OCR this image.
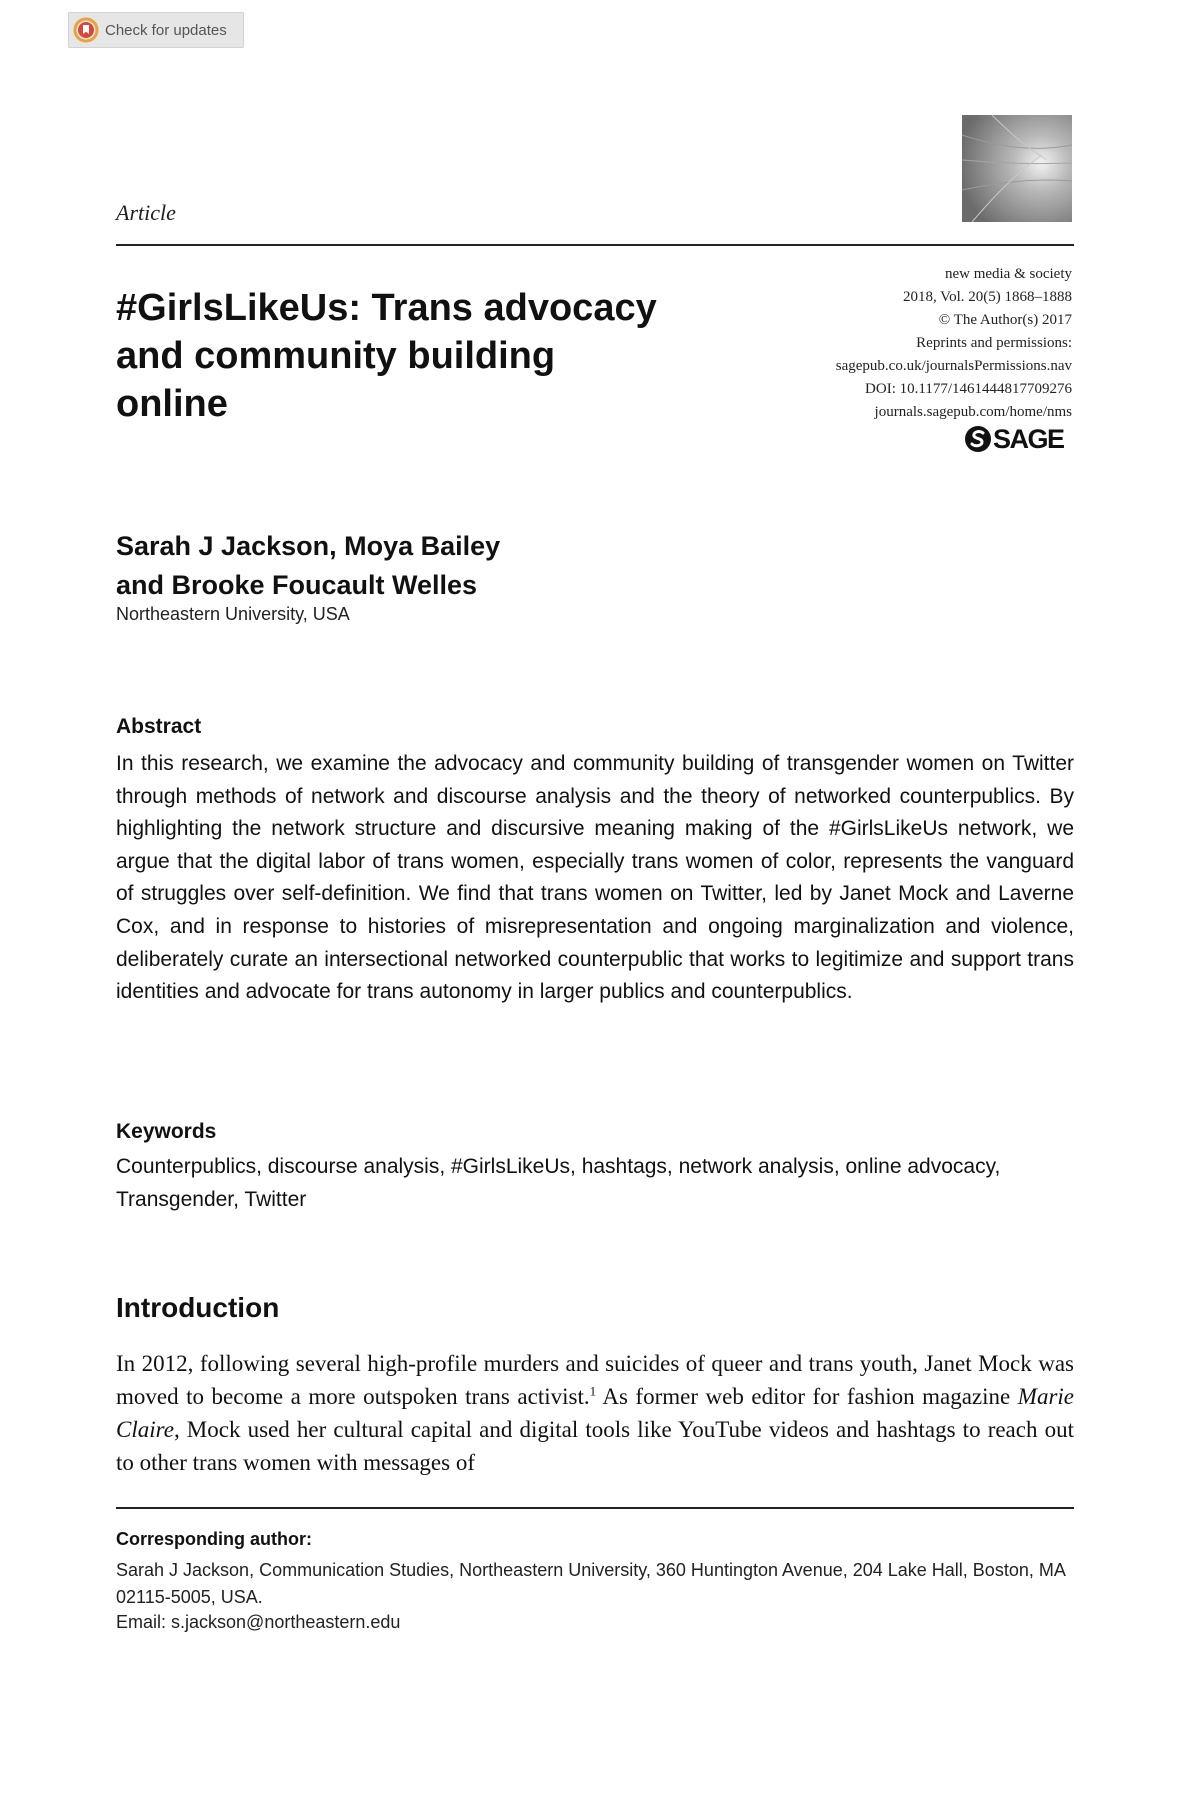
Check for updates
Article
#GirlsLikeUs: Trans advocacy
and community building
online
new media & society
2018, Vol. 20(5) 1868–1888
© The Author(s) 2017
Reprints and permissions:
sagepub.co.uk/journalsPermissions.nav
DOI: 10.1177/1461444817709276
journals.sagepub.com/home/nms
SAGE
Sarah J Jackson, Moya Bailey
and Brooke Foucault Welles
Northeastern University, USA
Abstract

In this research, we examine the advocacy and community building of transgender women on Twitter through methods of network and discourse analysis and the theory of networked counterpublics. By highlighting the network structure and discursive meaning making of the #GirlsLikeUs network, we argue that the digital labor of trans women, especially trans women of color, represents the vanguard of struggles over self-definition. We find that trans women on Twitter, led by Janet Mock and Laverne Cox, and in response to histories of misrepresentation and ongoing marginalization and violence, deliberately curate an intersectional networked counterpublic that works to legitimize and support trans identities and advocate for trans autonomy in larger publics and counterpublics.

Keywords

Counterpublics, discourse analysis, #GirlsLikeUs, hashtags, network analysis, online advocacy, Transgender, Twitter

Introduction

In 2012, following several high-profile murders and suicides of queer and trans youth, Janet Mock was moved to become a more outspoken trans activist.$^1$ As former web editor for fashion magazine Marie Claire, Mock used her cultural capital and digital tools like YouTube videos and hashtags to reach out to other trans women with messages of

Corresponding author:

Sarah J Jackson, Communication Studies, Northeastern University, 360 Huntington Avenue, 204 Lake Hall, Boston, MA 02115-5005, USA.

Email: s.jackson@northeastern.edu
